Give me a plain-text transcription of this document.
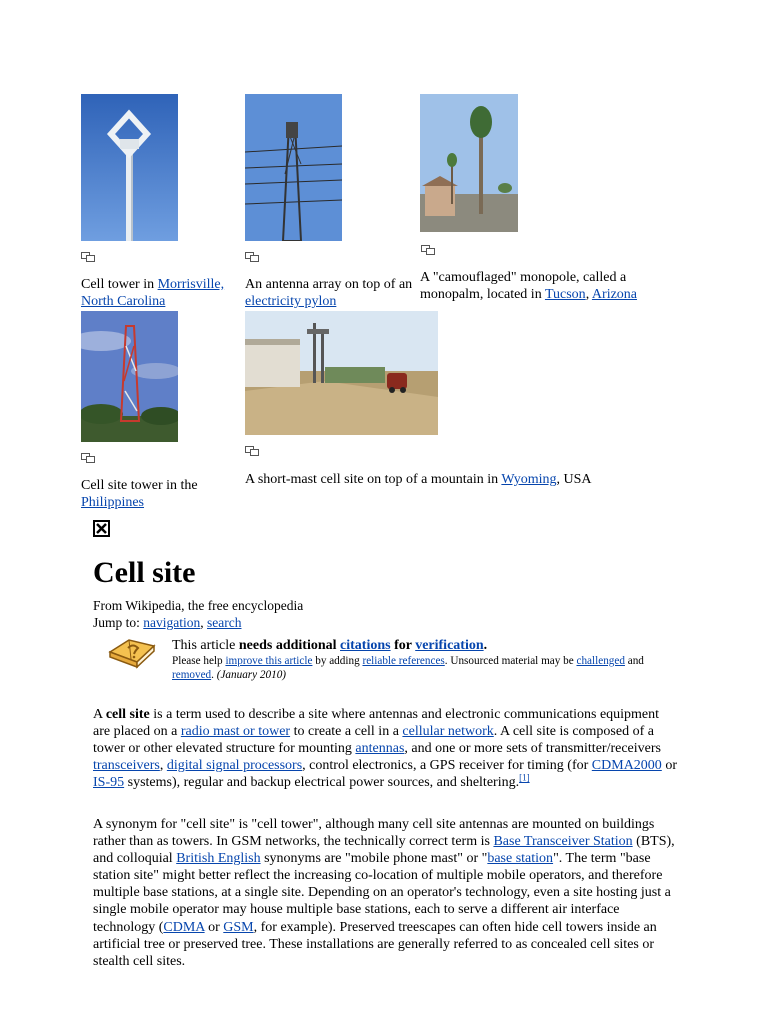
Cell tower in Morrisville, North Carolina
An antenna array on top of an electricity pylon
A "camouflaged" monopole, called a monopalm, located in Tucson, Arizona
Cell site tower in the Philippines
A short-mast cell site on top of a mountain in Wyoming, USA
Cell site
From Wikipedia, the free encyclopedia
Jump to: navigation, search
This article needs additional citations for verification.
Please help improve this article by adding reliable references. Unsourced material may be challenged and removed. (January 2010)
A cell site is a term used to describe a site where antennas and electronic communications equipment are placed on a radio mast or tower to create a cell in a cellular network. A cell site is composed of a tower or other elevated structure for mounting antennas, and one or more sets of transmitter/receivers transceivers, digital signal processors, control electronics, a GPS receiver for timing (for CDMA2000 or IS-95 systems), regular and backup electrical power sources, and sheltering.[1]
A synonym for "cell site" is "cell tower", although many cell site antennas are mounted on buildings rather than as towers. In GSM networks, the technically correct term is Base Transceiver Station (BTS), and colloquial British English synonyms are "mobile phone mast" or "base station". The term "base station site" might better reflect the increasing co-location of multiple mobile operators, and therefore multiple base stations, at a single site. Depending on an operator's technology, even a site hosting just a single mobile operator may house multiple base stations, each to serve a different air interface technology (CDMA or GSM, for example). Preserved treescapes can often hide cell towers inside an artificial tree or preserved tree. These installations are generally referred to as concealed cell sites or stealth cell sites.
